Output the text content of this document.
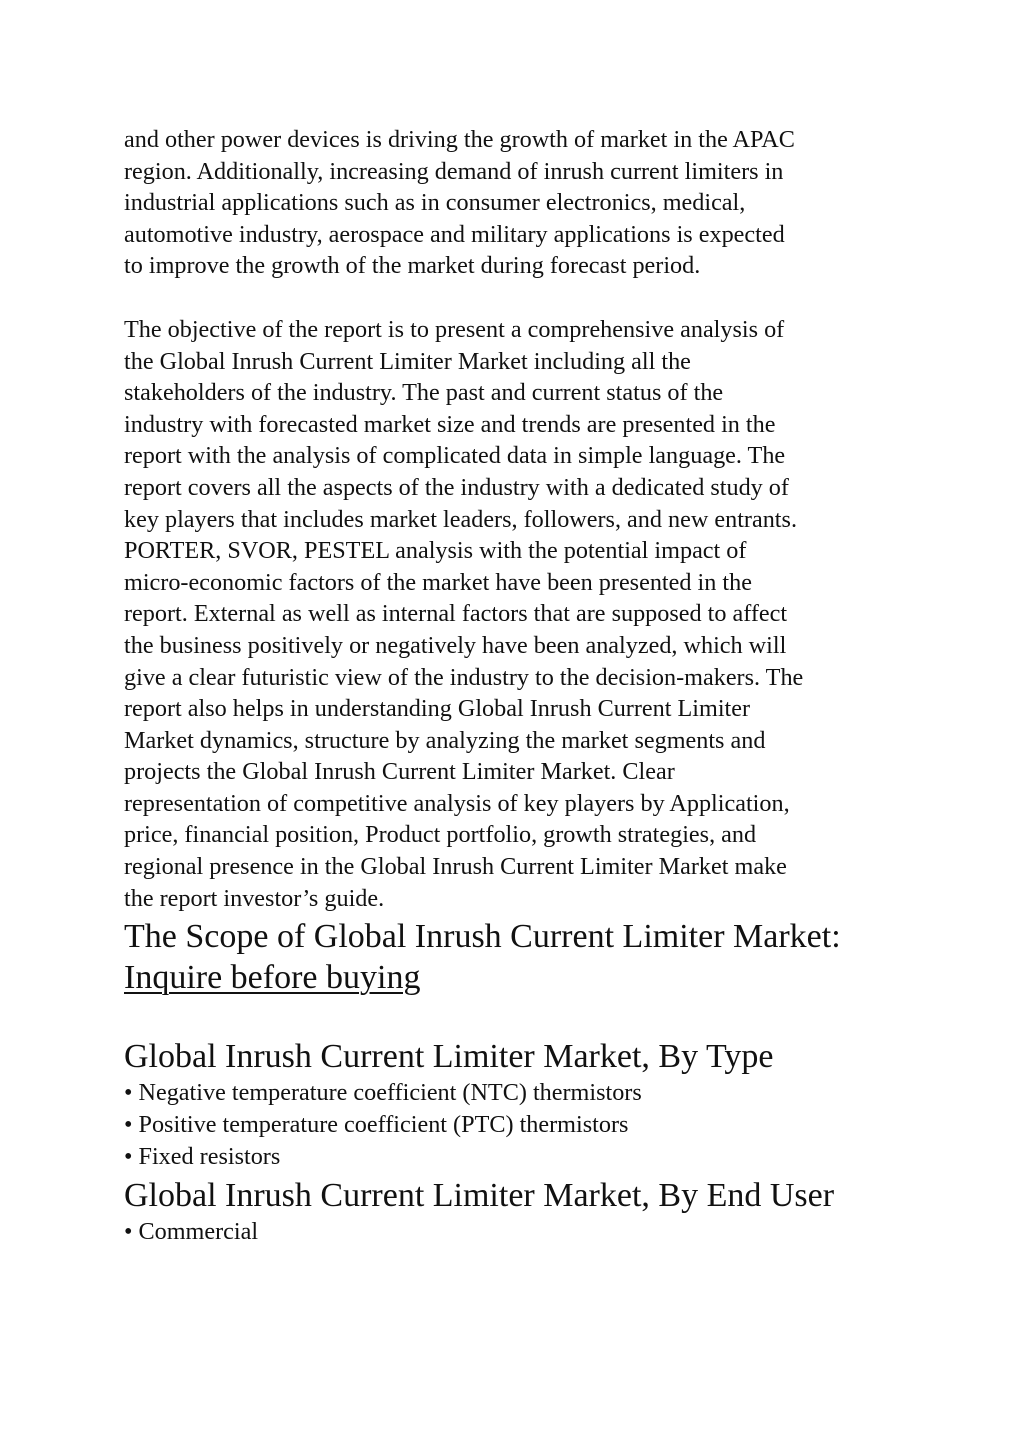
and other power devices is driving the growth of market in the APAC
region. Additionally, increasing demand of inrush current limiters in
industrial applications such as in consumer electronics, medical,
automotive industry, aerospace and military applications is expected
to improve the growth of the market during forecast period.

The objective of the report is to present a comprehensive analysis of
the Global Inrush Current Limiter Market including all the
stakeholders of the industry. The past and current status of the
industry with forecasted market size and trends are presented in the
report with the analysis of complicated data in simple language. The
report covers all the aspects of the industry with a dedicated study of
key players that includes market leaders, followers, and new entrants.
PORTER, SVOR, PESTEL analysis with the potential impact of
micro-economic factors of the market have been presented in the
report. External as well as internal factors that are supposed to affect
the business positively or negatively have been analyzed, which will
give a clear futuristic view of the industry to the decision-makers. The
report also helps in understanding Global Inrush Current Limiter
Market dynamics, structure by analyzing the market segments and
projects the Global Inrush Current Limiter Market. Clear
representation of competitive analysis of key players by Application,
price, financial position, Product portfolio, growth strategies, and
regional presence in the Global Inrush Current Limiter Market make
the report investor’s guide.

The Scope of Global Inrush Current Limiter Market:
Inquire before buying
Global Inrush Current Limiter Market, By Type
• Negative temperature coefficient (NTC) thermistors
• Positive temperature coefficient (PTC) thermistors
• Fixed resistors
Global Inrush Current Limiter Market, By End User
• Commercial
